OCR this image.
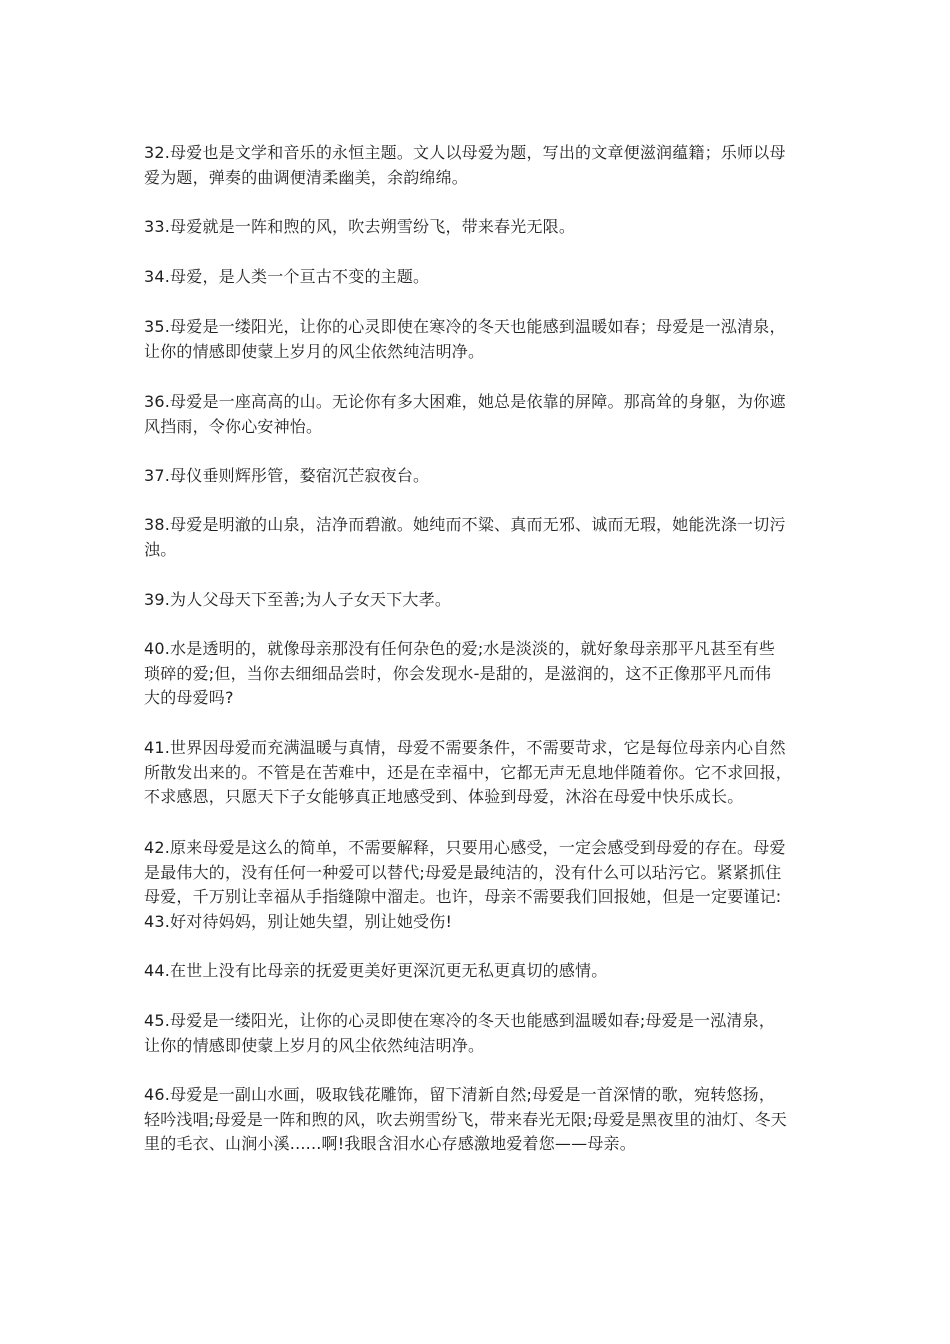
32.母爱也是文学和音乐的永恒主题。文人以母爱为题，写出的文章便滋润蕴籍；乐师以母
爱为题，弹奏的曲调便清柔幽美，余韵绵绵。

33.母爱就是一阵和煦的风，吹去朔雪纷飞，带来春光无限。

34.母爱，是人类一个亘古不变的主题。

35.母爱是一缕阳光，让你的心灵即使在寒冷的冬天也能感到温暖如春；母爱是一泓清泉，
让你的情感即使蒙上岁月的风尘依然纯洁明净。

36.母爱是一座高高的山。无论你有多大困难，她总是依靠的屏障。那高耸的身躯，为你遮
风挡雨，令你心安神怡。

37.母仪垂则辉彤管，婺宿沉芒寂夜台。

38.母爱是明澈的山泉，洁净而碧澈。她纯而不粱、真而无邪、诚而无瑕，她能洗涤一切污
浊。

39.为人父母天下至善;为人子女天下大孝。

40.水是透明的，就像母亲那没有任何杂色的爱;水是淡淡的，就好象母亲那平凡甚至有些
琐碎的爱;但，当你去细细品尝时，你会发现水-是甜的，是滋润的，这不正像那平凡而伟
大的母爱吗?

41.世界因母爱而充满温暖与真情，母爱不需要条件，不需要苛求，它是每位母亲内心自然
所散发出来的。不管是在苦难中，还是在幸福中，它都无声无息地伴随着你。它不求回报，
不求感恩，只愿天下子女能够真正地感受到、体验到母爱，沐浴在母爱中快乐成长。

42.原来母爱是这么的简单，不需要解释，只要用心感受，一定会感受到母爱的存在。母爱
是最伟大的，没有任何一种爱可以替代;母爱是最纯洁的，没有什么可以玷污它。紧紧抓住
母爱，千万别让幸福从手指缝隙中溜走。也许，母亲不需要我们回报她，但是一定要谨记:
43.好对待妈妈，别让她失望，别让她受伤!

44.在世上没有比母亲的抚爱更美好更深沉更无私更真切的感情。

45.母爱是一缕阳光，让你的心灵即使在寒冷的冬天也能感到温暖如春;母爱是一泓清泉，
让你的情感即使蒙上岁月的风尘依然纯洁明净。

46.母爱是一副山水画，吸取钱花雕饰，留下清新自然;母爱是一首深情的歌，宛转悠扬，
轻吟浅唱;母爱是一阵和煦的风，吹去朔雪纷飞，带来春光无限;母爱是黑夜里的油灯、冬天
里的毛衣、山涧小溪......啊!我眼含泪水心存感激地爱着您——母亲。
